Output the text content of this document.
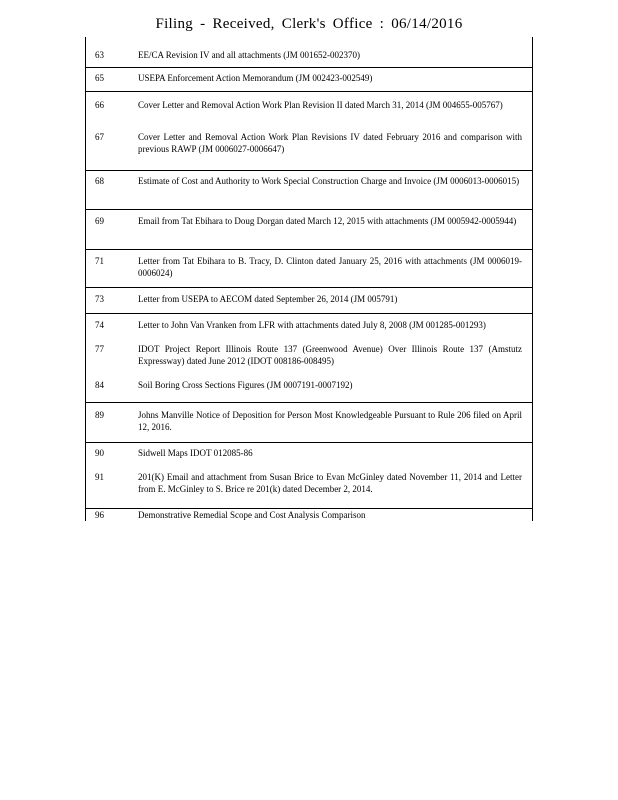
Filing - Received, Clerk's Office : 06/14/2016
63	EE/CA Revision IV and all attachments (JM 001652-002370)
65	USEPA Enforcement Action Memorandum (JM 002423-002549)
66	Cover Letter and Removal Action Work Plan Revision II dated March 31, 2014 (JM 004655-005767)
67	Cover Letter and Removal Action Work Plan Revisions IV dated February 2016 and comparison with previous RAWP (JM 0006027-0006647)
68	Estimate of Cost and Authority to Work Special Construction Charge and Invoice (JM 0006013-0006015)
69	Email from Tat Ebihara to Doug Dorgan dated March 12, 2015 with attachments (JM 0005942-0005944)
71	Letter from Tat Ebihara to B. Tracy, D. Clinton dated January 25, 2016 with attachments (JM 0006019-0006024)
73	Letter from USEPA to AECOM dated September 26, 2014 (JM 005791)
74	Letter to John Van Vranken from LFR with attachments dated July 8, 2008 (JM 001285-001293)
77	IDOT Project Report Illinois Route 137 (Greenwood Avenue) Over Illinois Route 137 (Amstutz Expressway) dated June 2012 (IDOT 008186-008495)
84	Soil Boring Cross Sections Figures (JM 0007191-0007192)
89	Johns Manville Notice of Deposition for Person Most Knowledgeable Pursuant to Rule 206 filed on April 12, 2016.
90	Sidwell Maps IDOT 012085-86
91	201(K) Email and attachment from Susan Brice to Evan McGinley dated November 11, 2014 and Letter from E. McGinley to S. Brice re 201(k) dated December 2, 2014.
96	Demonstrative Remedial Scope and Cost Analysis Comparison
